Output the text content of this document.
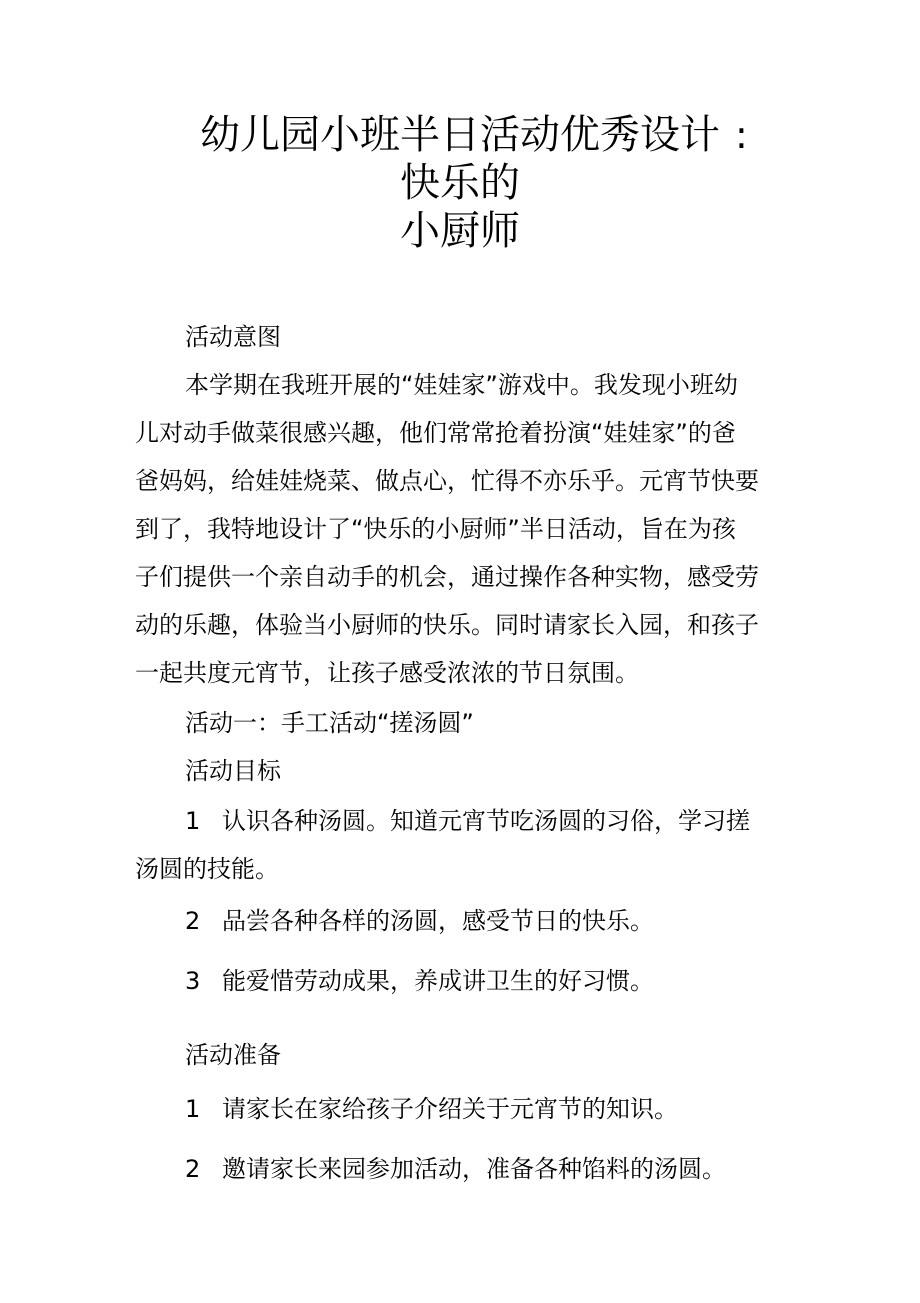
幼儿园小班半日活动优秀设计 :
快乐的
小厨师
活动意图
本学期在我班开展的“娃娃家”游戏中。我发现小班幼
儿对动手做菜很感兴趣，他们常常抢着扮演“娃娃家”的爸
爸妈妈，给娃娃烧菜、做点心，忙得不亦乐乎。元宵节快要
到了，我特地设计了“快乐的小厨师”半日活动，旨在为孩
子们提供一个亲自动手的机会，通过操作各种实物，感受劳
动的乐趣，体验当小厨师的快乐。同时请家长入园，和孩子
一起共度元宵节，让孩子感受浓浓的节日氛围。
活动一：手工活动“搓汤圆”
活动目标
1 认识各种汤圆。知道元宵节吃汤圆的习俗，学习搓
汤圆的技能。
2 品尝各种各样的汤圆，感受节日的快乐。
3 能爱惜劳动成果，养成讲卫生的好习惯。
活动准备
1 请家长在家给孩子介绍关于元宵节的知识。
2 邀请家长来园参加活动，准备各种馅料的汤圆。
